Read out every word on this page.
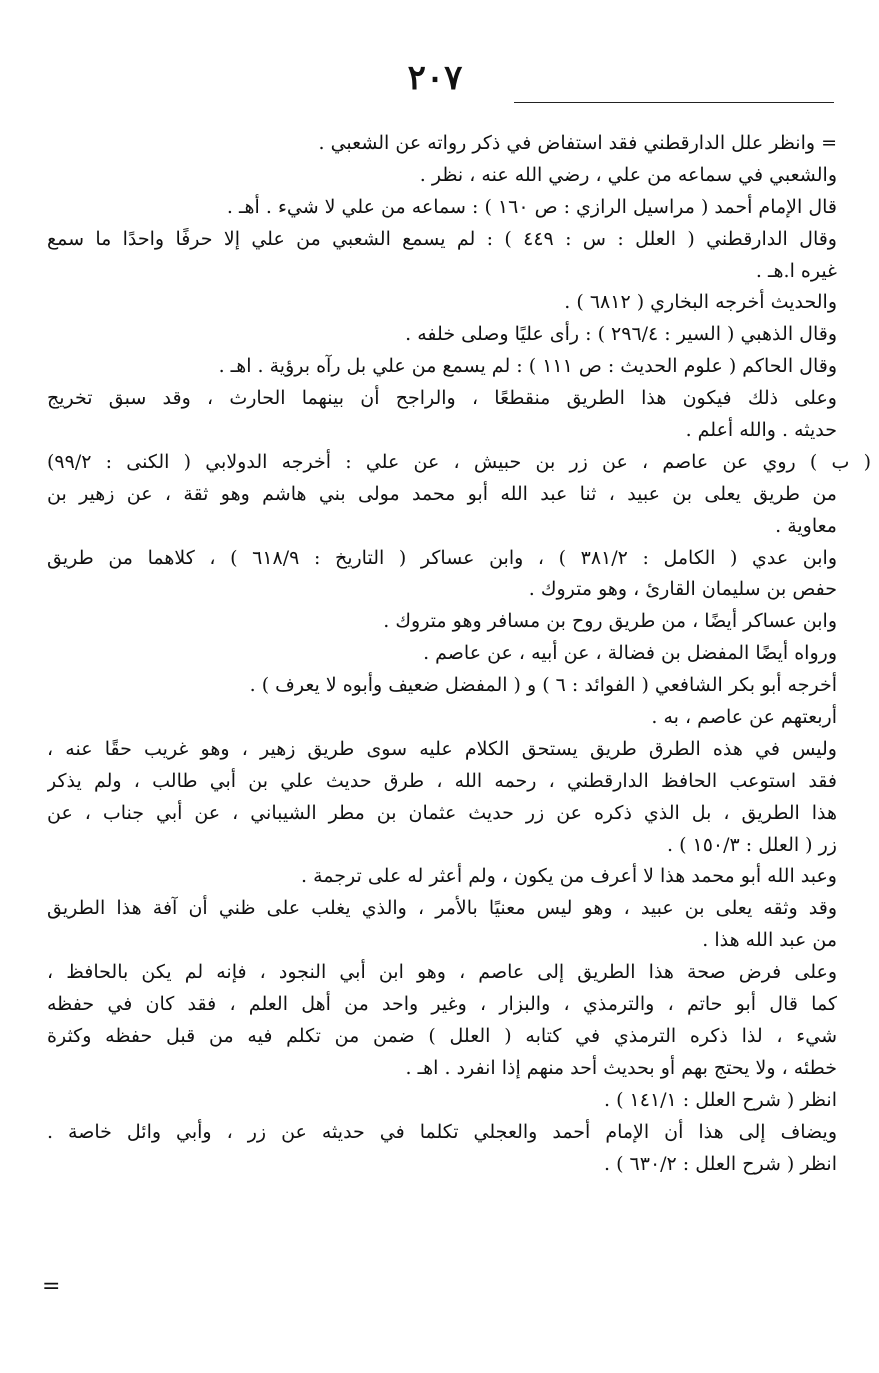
٢٠٧
= وانظر علل الدارقطني فقد استفاض في ذكر رواته عن الشعبي .
والشعبي في سماعه من علي ، رضي الله عنه ، نظر .
قال الإمام أحمد ( مراسيل الرازي : ص ١٦٠ ) : سماعه من علي لا شيء . أهـ .
وقال الدارقطني ( العلل : س : ٤٤٩ ) : لم يسمع الشعبي من علي إلا حرفًا واحدًا ما سمع
غيره ا.هـ .
والحديث أخرجه البخاري ( ٦٨١٢ ) .
وقال الذهبي ( السير : ٢٩٦/٤ ) : رأى عليًا وصلى خلفه .
وقال الحاكم ( علوم الحديث : ص ١١١ ) : لم يسمع من علي بل رآه برؤية . اهـ .
وعلى ذلك فيكون هذا الطريق منقطعًا ، والراجح أن بينهما الحارث ، وقد سبق تخريج
حديثه . والله أعلم .
( ب ) روي عن عاصم ، عن زر بن حبيش ، عن علي : أخرجه الدولابي ( الكنى : ٩٩/٢)
من طريق يعلى بن عبيد ، ثنا عبد الله أبو محمد مولى بني هاشم وهو ثقة ، عن زهير بن
معاوية .
وابن عدي ( الكامل : ٣٨١/٢ ) ، وابن عساكر ( التاريخ : ٦١٨/٩ ) ، كلاهما من طريق
حفص بن سليمان القارئ ، وهو متروك .
وابن عساكر أيضًا ، من طريق روح بن مسافر وهو متروك .
ورواه أيضًا المفضل بن فضالة ، عن أبيه ، عن عاصم .
أخرجه أبو بكر الشافعي ( الفوائد : ٦ ) و ( المفضل ضعيف وأبوه لا يعرف ) .
أربعتهم عن عاصم ، به .
وليس في هذه الطرق طريق يستحق الكلام عليه سوى طريق زهير ، وهو غريب حقًا عنه ،
فقد استوعب الحافظ الدارقطني ، رحمه الله ، طرق حديث علي بن أبي طالب ، ولم يذكر
هذا الطريق ، بل الذي ذكره عن زر حديث عثمان بن مطر الشيباني ، عن أبي جناب ، عن
زر ( العلل : ١٥٠/٣ ) .
وعبد الله أبو محمد هذا لا أعرف من يكون ، ولم أعثر له على ترجمة .
وقد وثقه يعلى بن عبيد ، وهو ليس معنيًا بالأمر ، والذي يغلب على ظني أن آفة هذا الطريق
من عبد الله هذا .
وعلى فرض صحة هذا الطريق إلى عاصم ، وهو ابن أبي النجود ، فإنه لم يكن بالحافظ ،
كما قال أبو حاتم ، والترمذي ، والبزار ، وغير واحد من أهل العلم ، فقد كان في حفظه
شيء ، لذا ذكره الترمذي في كتابه ( العلل ) ضمن من تكلم فيه من قبل حفظه وكثرة
خطئه ، ولا يحتج بهم أو بحديث أحد منهم إذا انفرد . اهـ .
انظر ( شرح العلل : ١٤١/١ ) .
ويضاف إلى هذا أن الإمام أحمد والعجلي تكلما في حديثه عن زر ، وأبي وائل خاصة .
انظر ( شرح العلل : ٦٣٠/٢ ) .
=
